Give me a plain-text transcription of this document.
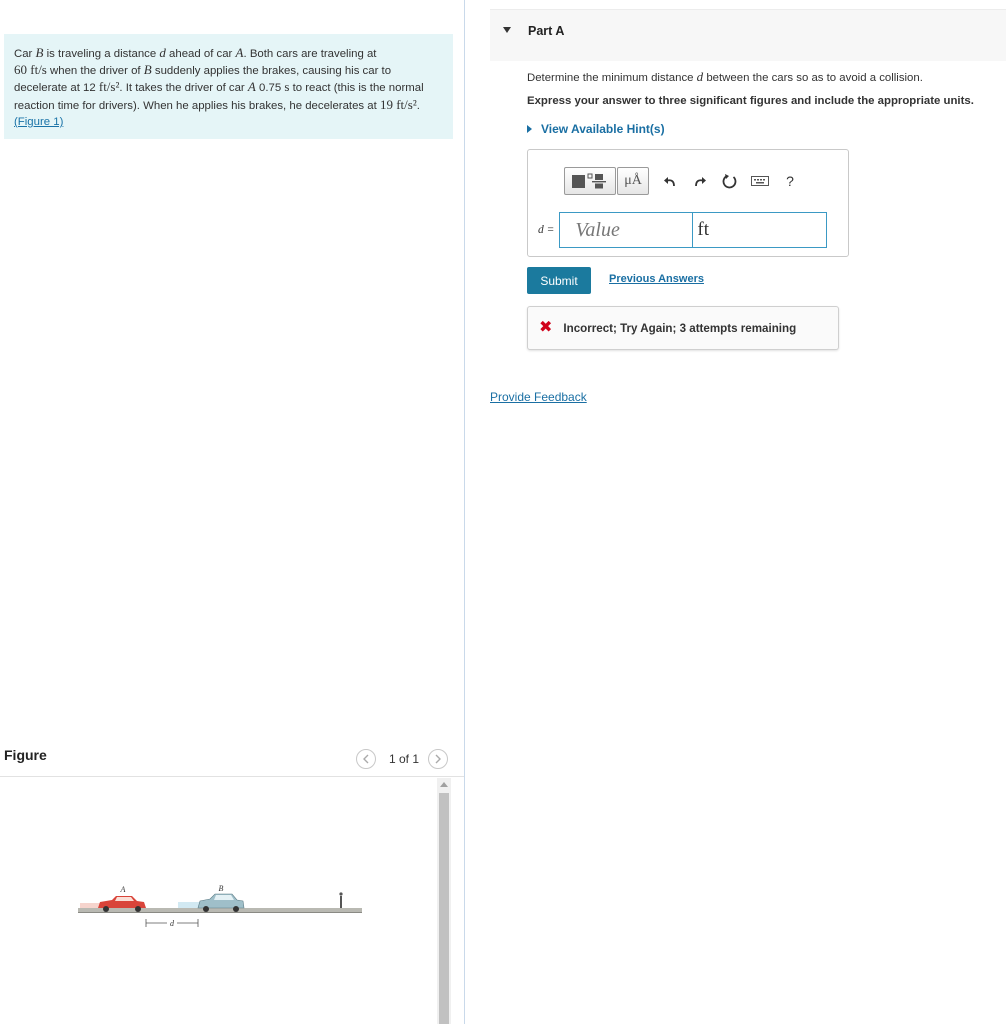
Car B is traveling a distance d ahead of car A. Both cars are traveling at
60 ft/s when the driver of B suddenly applies the brakes, causing his car to decelerate at 12 ft/s². It takes the driver of car A 0.75 s to react (this is the normal reaction time for drivers). When he applies his brakes, he decelerates at 19 ft/s². (Figure 1)
Figure	1 of 1
A	B
d
Part A
Determine the minimum distance d between the cars so as to avoid a collision.
Express your answer to three significant figures and include the appropriate units.
View Available Hint(s)
μÅ	?
d =
Value
ft
Submit	Previous Answers
✖ Incorrect; Try Again; 3 attempts remaining
Provide Feedback
